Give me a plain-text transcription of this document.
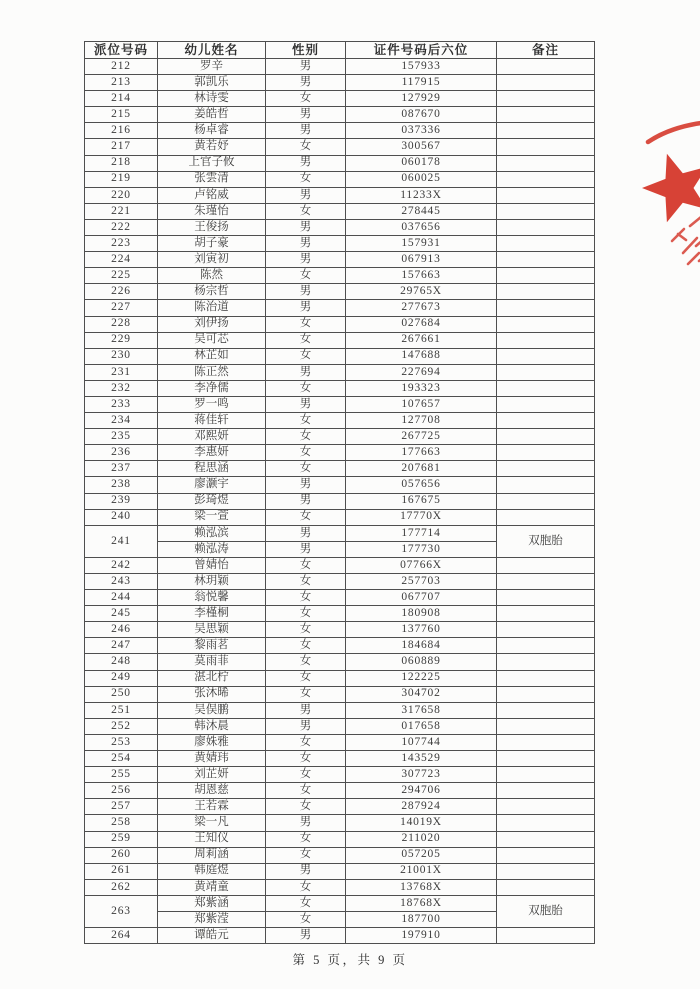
派位号码	幼儿姓名	性别	证件号码后六位	备注
212	罗辛	男	157933	
213	郭凯乐	男	117915	
214	林诗雯	女	127929	
215	姜皓哲	男	087670	
216	杨卓睿	男	037336	
217	黄若妤	女	300567	
218	上官子攸	男	060178	
219	张雲清	女	060025	
220	卢铭威	男	11233X	
221	朱瑾怡	女	278445	
222	王俊扬	男	037656	
223	胡子豪	男	157931	
224	刘寅初	男	067913	
225	陈然	女	157663	
226	杨宗哲	男	29765X	
227	陈治道	男	277673	
228	刘伊扬	女	027684	
229	吴可芯	女	267661	
230	林芷如	女	147688	
231	陈正然	男	227694	
232	李净儒	女	193323	
233	罗一鸣	男	107657	
234	蒋佳轩	女	127708	
235	邓熙妍	女	267725	
236	李惠妍	女	177663	
237	程思涵	女	207681	
238	廖灏宇	男	057656	
239	彭琦煜	男	167675	
240	梁一萱	女	17770X	
241	赖泓滨	男	177714	双胞胎
	赖泓涛	男	177730	
242	曾婧怡	女	07766X	
243	林玥颖	女	257703	
244	翁悦馨	女	067707	
245	李槿桐	女	180908	
246	吴思颖	女	137760	
247	黎雨茗	女	184684	
248	莫雨菲	女	060889	
249	湛北柠	女	122225	
250	张沐晞	女	304702	
251	吴俣鹏	男	317658	
252	韩沐晨	男	017658	
253	廖姝雅	女	107744	
254	黄婧玮	女	143529	
255	刘芷妍	女	307723	
256	胡恩慈	女	294706	
257	王若霖	女	287924	
258	梁一凡	男	14019X	
259	王知仪	女	211020	
260	周莉涵	女	057205	
261	韩庭煜	男	21001X	
262	黄靖童	女	13768X	
263	郑紫涵	女	18768X	双胞胎
	郑紫滢	女	187700	
264	谭皓元	男	197910	
第 5 页，共 9 页
